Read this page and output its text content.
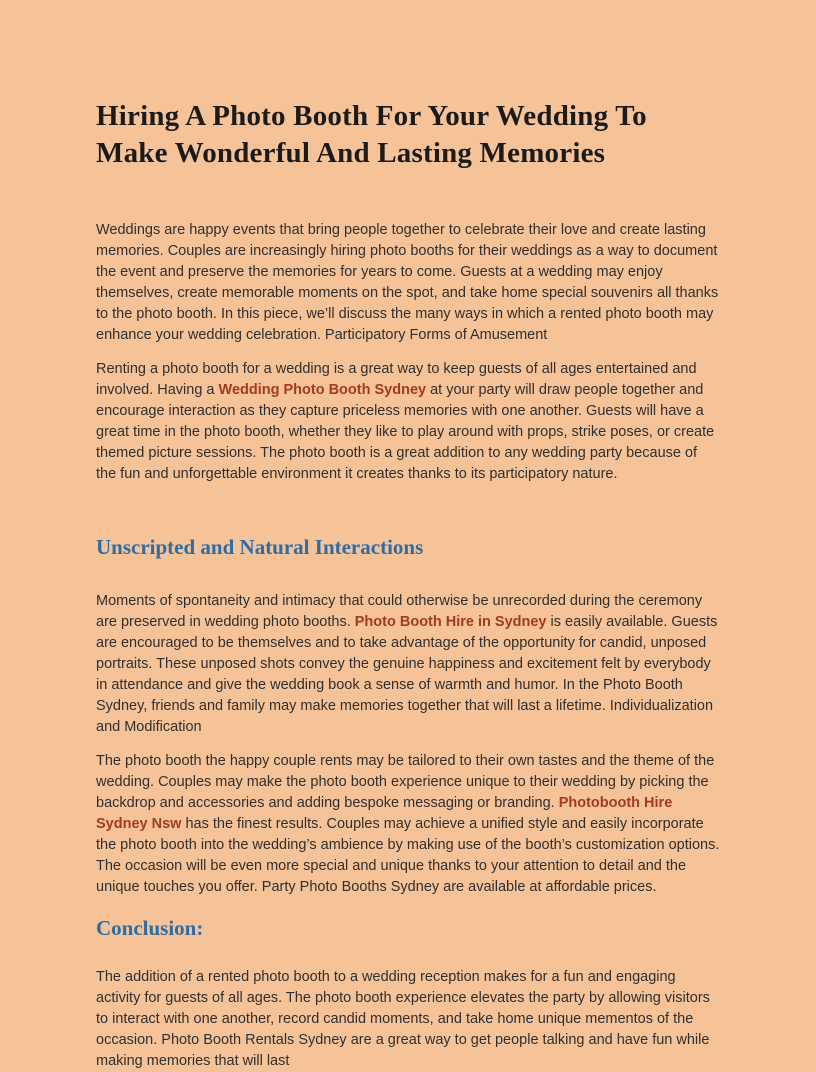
Hiring A Photo Booth For Your Wedding To Make Wonderful And Lasting Memories

Weddings are happy events that bring people together to celebrate their love and create lasting memories. Couples are increasingly hiring photo booths for their weddings as a way to document the event and preserve the memories for years to come. Guests at a wedding may enjoy themselves, create memorable moments on the spot, and take home special souvenirs all thanks to the photo booth. In this piece, we’ll discuss the many ways in which a rented photo booth may enhance your wedding celebration. Participatory Forms of Amusement

Renting a photo booth for a wedding is a great way to keep guests of all ages entertained and involved. Having a Wedding Photo Booth Sydney at your party will draw people together and encourage interaction as they capture priceless memories with one another. Guests will have a great time in the photo booth, whether they like to play around with props, strike poses, or create themed picture sessions. The photo booth is a great addition to any wedding party because of the fun and unforgettable environment it creates thanks to its participatory nature.

Unscripted and Natural Interactions

Moments of spontaneity and intimacy that could otherwise be unrecorded during the ceremony are preserved in wedding photo booths. Photo Booth Hire in Sydney is easily available. Guests are encouraged to be themselves and to take advantage of the opportunity for candid, unposed portraits. These unposed shots convey the genuine happiness and excitement felt by everybody in attendance and give the wedding book a sense of warmth and humor. In the Photo Booth Sydney, friends and family may make memories together that will last a lifetime. Individualization and Modification

The photo booth the happy couple rents may be tailored to their own tastes and the theme of the wedding. Couples may make the photo booth experience unique to their wedding by picking the backdrop and accessories and adding bespoke messaging or branding. Photobooth Hire Sydney Nsw has the finest results. Couples may achieve a unified style and easily incorporate the photo booth into the wedding’s ambience by making use of the booth’s customization options. The occasion will be even more special and unique thanks to your attention to detail and the unique touches you offer. Party Photo Booths Sydney are available at affordable prices.

Conclusion:

The addition of a rented photo booth to a wedding reception makes for a fun and engaging activity for guests of all ages. The photo booth experience elevates the party by allowing visitors to interact with one another, record candid moments, and take home unique mementos of the occasion. Photo Booth Rentals Sydney are a great way to get people talking and have fun while making memories that will last
